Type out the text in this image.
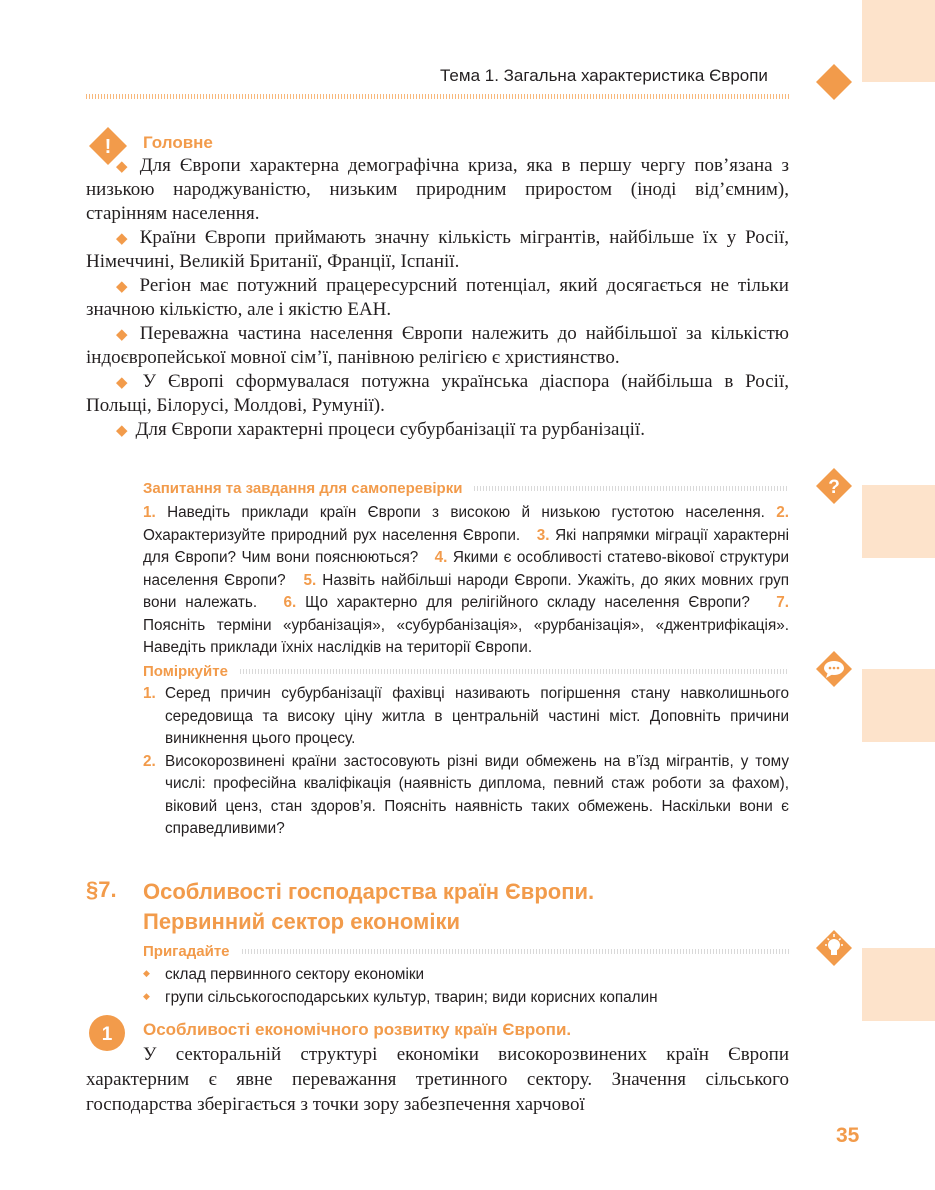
Тема 1. Загальна характеристика Європи
! Головне

◆ Для Європи характерна демографічна криза, яка в першу чергу пов’язана з низькою народжуваністю, низьким природним приростом (іноді від’ємним), старінням населення.

◆ Країни Європи приймають значну кількість мігрантів, найбільше їх у Росії, Німеччині, Великій Британії, Франції, Іспанії.

◆ Регіон має потужний працересурсний потенціал, який досягається не тільки значною кількістю, але і якістю ЕАН.

◆ Переважна частина населення Європи належить до найбільшої за кількістю індоєвропейської мовної сім’ї, панівною релігією є християнство.

◆ У Європі сформувалася потужна українська діаспора (найбільша в Росії, Польщі, Білорусі, Молдові, Румунії).

◆ Для Європи характерні процеси субурбанізації та рурбанізації.

?
Запитання та завдання для самоперевірки
1. Наведіть приклади країн Європи з високою й низькою густотою населення. 2. Охарактеризуйте природний рух населення Європи. 3. Які напрямки міграції характерні для Європи? Чим вони пояснюються? 4. Якими є особливості статево-вікової структури населення Європи? 5. Назвіть найбільші народи Європи. Укажіть, до яких мовних груп вони належать. 6. Що характерно для релігійного складу населення Європи? 7. Поясніть терміни «урбанізація», «субурбанізація», «рурбанізація», «джентрифікація». Наведіть приклади їхніх наслідків на території Європи.
Поміркуйте
1. Серед причин субурбанізації фахівці називають погіршення стану навколишнього середовища та високу ціну житла в центральній частині міст. Доповніть причини виникнення цього процесу.
2. Високорозвинені країни застосовують різні види обмежень на в’їзд мігрантів, у тому числі: професійна кваліфікація (наявність диплома, певний стаж роботи за фахом), віковий ценз, стан здоров’я. Поясніть наявність таких обмежень. Наскільки вони є справедливими?
§7. Особливості господарства країн Європи.
Первинний сектор економіки
Пригадайте
◆ склад первинного сектору економіки
◆ групи сільськогосподарських культур, тварин; види корисних копалин
1 Особливості економічного розвитку країн Європи.

У секторальній структурі економіки високорозвинених країн Європи характерним є явне переважання третинного сектору. Значення сільського господарства зберігається з точки зору забезпечення харчової

35
